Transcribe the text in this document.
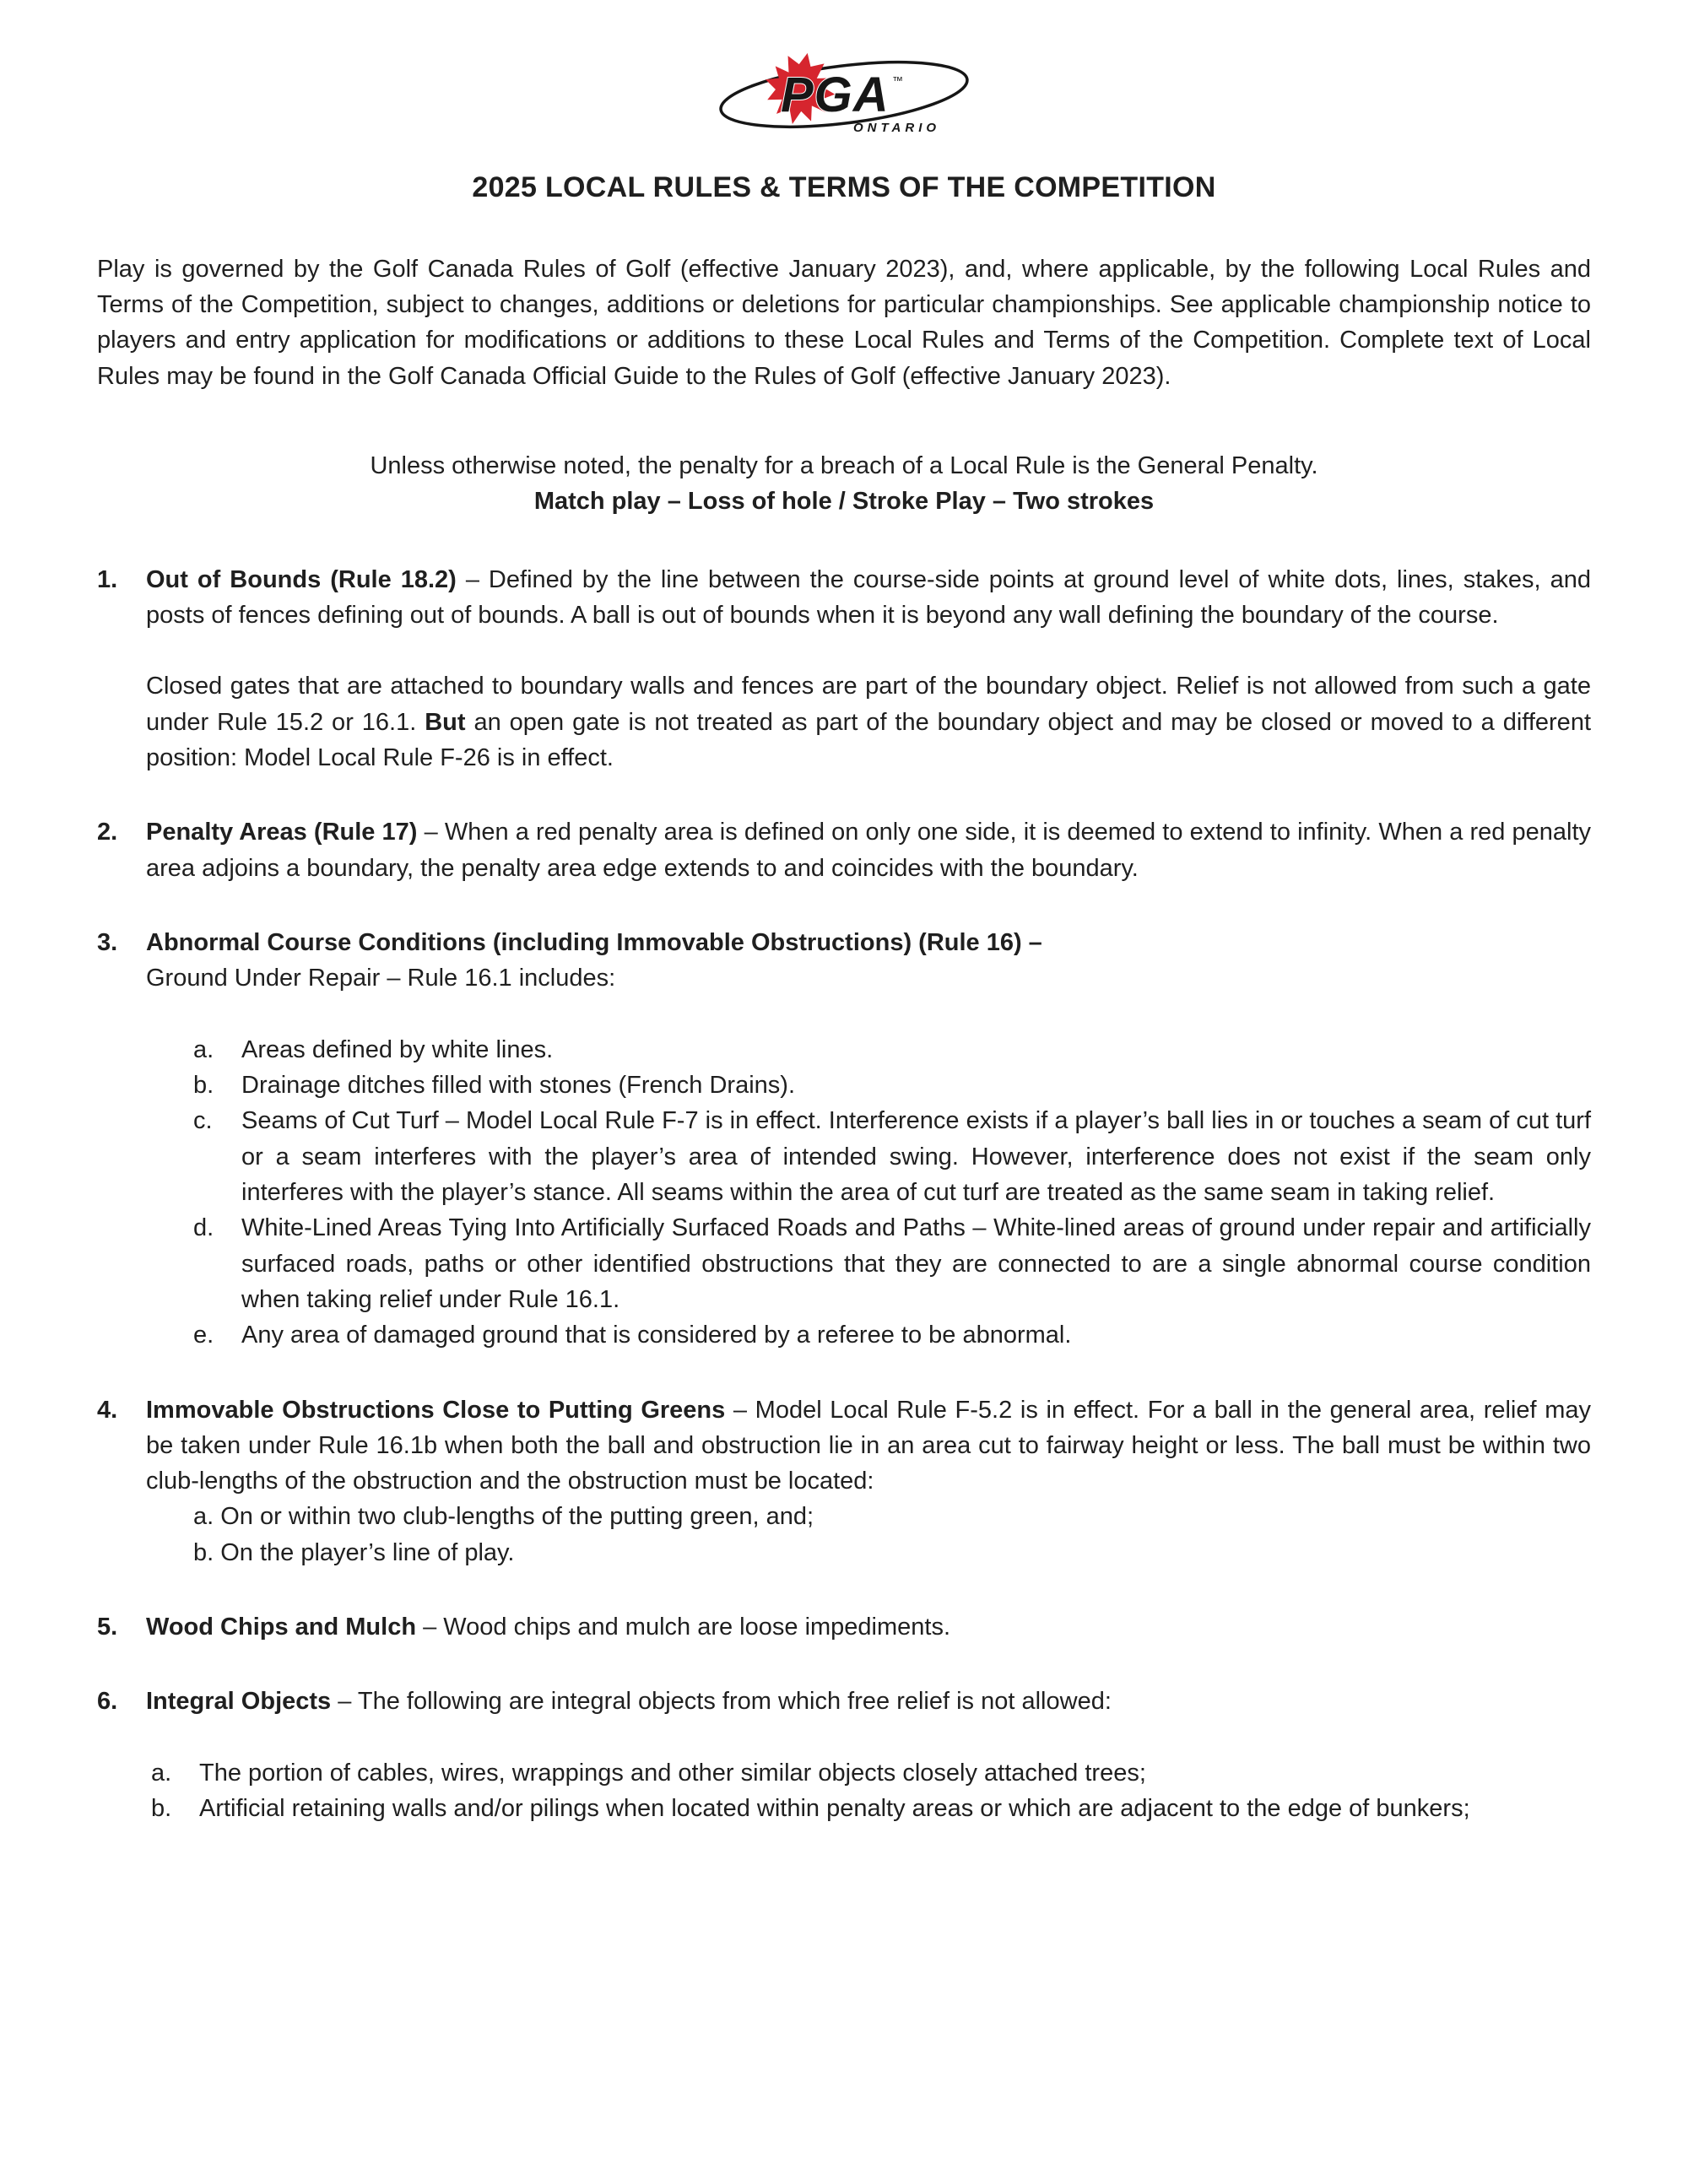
PGA ™
ONTARIO
2025 LOCAL RULES & TERMS OF THE COMPETITION

Play is governed by the Golf Canada Rules of Golf (effective January 2023), and, where applicable, by the following Local Rules and Terms of the Competition, subject to changes, additions or deletions for particular championships. See applicable championship notice to players and entry application for modifications or additions to these Local Rules and Terms of the Competition. Complete text of Local Rules may be found in the Golf Canada Official Guide to the Rules of Golf (effective January 2023).

Unless otherwise noted, the penalty for a breach of a Local Rule is the General Penalty.

Match play – Loss of hole / Stroke Play – Two strokes

1.	Out of Bounds (Rule 18.2) – Defined by the line between the course-side points at ground level of white dots, lines, stakes, and posts of fences defining out of bounds. A ball is out of bounds when it is beyond any wall defining the boundary of the course.

Closed gates that are attached to boundary walls and fences are part of the boundary object. Relief is not allowed from such a gate under Rule 15.2 or 16.1. But an open gate is not treated as part of the boundary object and may be closed or moved to a different position: Model Local Rule F-26 is in effect.

2.	Penalty Areas (Rule 17) – When a red penalty area is defined on only one side, it is deemed to extend to infinity. When a red penalty area adjoins a boundary, the penalty area edge extends to and coincides with the boundary.

3.	Abnormal Course Conditions (including Immovable Obstructions) (Rule 16) –

Ground Under Repair – Rule 16.1 includes:

a.	Areas defined by white lines.
b.	Drainage ditches filled with stones (French Drains).
c.	Seams of Cut Turf – Model Local Rule F-7 is in effect. Interference exists if a player’s ball lies in or touches a seam of cut turf or a seam interferes with the player’s area of intended swing. However, interference does not exist if the seam only interferes with the player’s stance. All seams within the area of cut turf are treated as the same seam in taking relief.
d.	White-Lined Areas Tying Into Artificially Surfaced Roads and Paths – White-lined areas of ground under repair and artificially surfaced roads, paths or other identified obstructions that they are connected to are a single abnormal course condition when taking relief under Rule 16.1.
e.	Any area of damaged ground that is considered by a referee to be abnormal.
4.	Immovable Obstructions Close to Putting Greens – Model Local Rule F-5.2 is in effect. For a ball in the general area, relief may be taken under Rule 16.1b when both the ball and obstruction lie in an area cut to fairway height or less. The ball must be within two club-lengths of the obstruction and the obstruction must be located:

a. On or within two club-lengths of the putting green, and;

b. On the player’s line of play.

5.	Wood Chips and Mulch – Wood chips and mulch are loose impediments.

6.	Integral Objects – The following are integral objects from which free relief is not allowed:

a.	The portion of cables, wires, wrappings and other similar objects closely attached trees;
b.	Artificial retaining walls and/or pilings when located within penalty areas or which are adjacent to the edge of bunkers;
